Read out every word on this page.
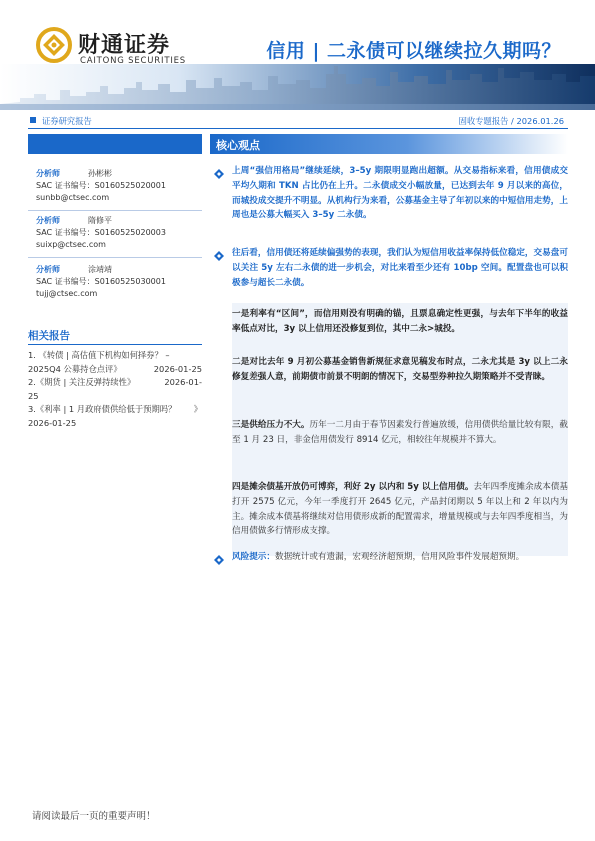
财通证券
CAITONG SECURITIES	信用 | 二永债可以继续拉久期吗？
证券研究报告	固收专题报告 / 2026.01.26
分析师	孙彬彬
SAC 证书编号：S0160525020001
sunbb@ctsec.com
分析师	隋修平
SAC 证书编号：S0160525020003
suixp@ctsec.com
分析师	涂靖靖
SAC 证书编号：S0160525030001
tujj@ctsec.com
相关报告
1. 《转债 | 高估值下机构如何择券？ –
2025Q4 公募持仓点评》	2026-01-25
2.《期货 | 关注反弹持续性》	2026-01-
25
3.《利率 | 1 月政府债供给低于预期吗？ 》
2026-01-25
核心观点
上周“强信用格局”继续延续，3–5y 期限明显跑出超额。从交易指标来看，信用债成交平均久期和 TKN 占比仍在上升。二永债成交小幅放量，已达到去年 9 月以来的高位，而城投成交提升不明显。从机构行为来看，公募基金主导了年初以来的中短信用走势，上周也是公募大幅买入 3–5y 二永债。
往后看，信用债还将延续偏强势的表现，我们认为短信用收益率保持低位稳定，交易盘可以关注 5y 左右二永债的进一步机会，对比来看至少还有 10bp 空间。配置盘也可以积极参与超长二永债。
一是利率有“区间”，而信用则没有明确的锚，且票息确定性更强，与去年下半年的收益率低点对比，3y 以上信用还没修复到位，其中二永>城投。
二是对比去年 9 月初公募基金销售新规征求意见稿发布时点，二永尤其是 3y 以上二永修复差强人意，前期债市前景不明朗的情况下，交易型券种拉久期策略并不受青睐。
三是供给压力不大。历年一二月由于春节因素发行普遍放缓，信用债供给量比较有限，截至 1 月 23 日，非金信用债发行 8914 亿元，相较往年规模并不算大。
四是摊余债基开放仍可博弈，利好 2y 以内和 5y 以上信用债。去年四季度摊余成本债基打开 2575 亿元，今年一季度打开 2645 亿元，产品封闭期以 5 年以上和 2 年以内为主。摊余成本债基将继续对信用债形成新的配置需求，增量规模或与去年四季度相当，为信用债做多行情形成支撑。
风险提示：数据统计或有遗漏，宏观经济超预期，信用风险事件发展超预期。
请阅读最后一页的重要声明！
